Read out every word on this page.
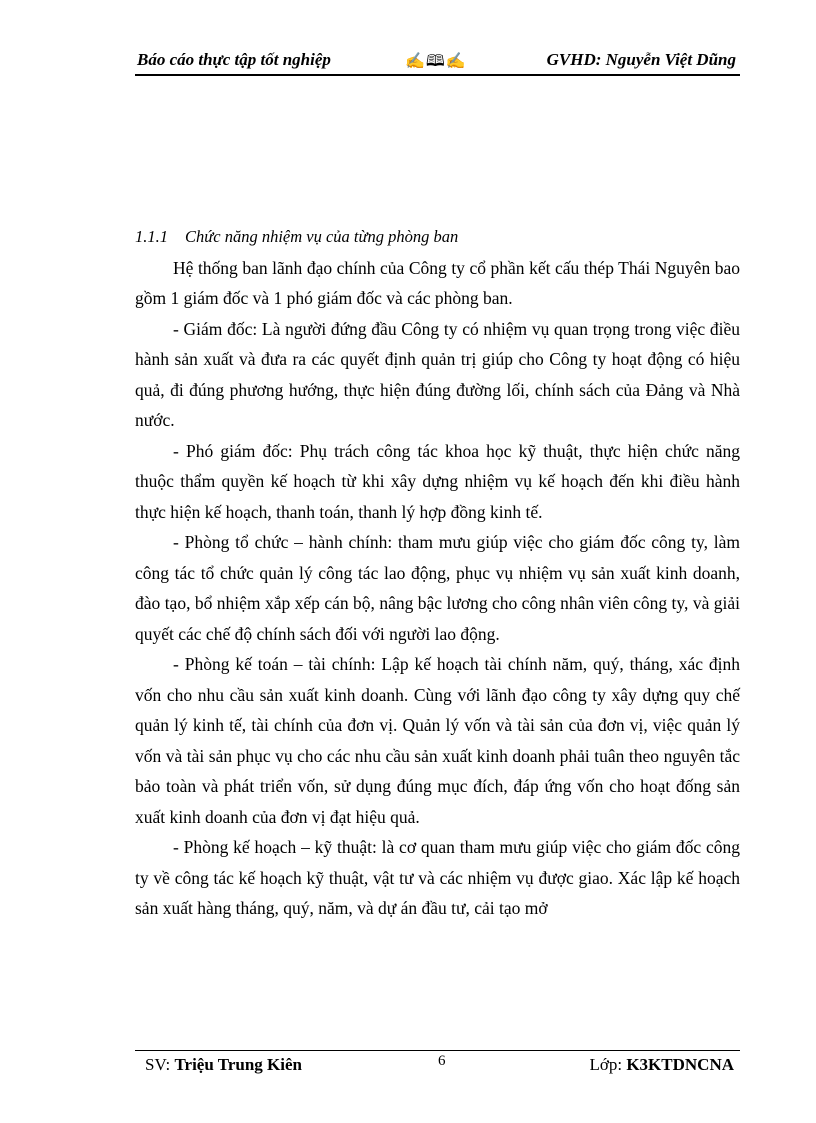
Báo cáo thực tập tốt nghiệp	✍🕮✍	GVHD: Nguyễn Việt Dũng

1.1.1 Chức năng nhiệm vụ của từng phòng ban

Hệ thống ban lãnh đạo chính của Công ty cổ phần kết cấu thép Thái Nguyên bao gồm 1 giám đốc và 1 phó giám đốc và các phòng ban.

- Giám đốc: Là người đứng đầu Công ty có nhiệm vụ quan trọng trong việc điều hành sản xuất và đưa ra các quyết định quản trị giúp cho Công ty hoạt động có hiệu quả, đi đúng phương hướng, thực hiện đúng đường lối, chính sách của Đảng và Nhà nước.

- Phó giám đốc: Phụ trách công tác khoa học kỹ thuật, thực hiện chức năng thuộc thẩm quyền kế hoạch từ khi xây dựng nhiệm vụ kế hoạch đến khi điều hành thực hiện kế hoạch, thanh toán, thanh lý hợp đồng kinh tế.

- Phòng tổ chức – hành chính: tham mưu giúp việc cho giám đốc công ty, làm công tác tổ chức quản lý công tác lao động, phục vụ nhiệm vụ sản xuất kinh doanh, đào tạo, bổ nhiệm xắp xếp cán bộ, nâng bậc lương cho công nhân viên công ty, và giải quyết các chế độ chính sách đối với người lao động.

- Phòng kế toán – tài chính: Lập kế hoạch tài chính năm, quý, tháng, xác định vốn cho nhu cầu sản xuất kinh doanh. Cùng với lãnh đạo công ty xây dựng quy chế quản lý kinh tế, tài chính của đơn vị. Quản lý vốn và tài sản của đơn vị, việc quản lý vốn và tài sản phục vụ cho các nhu cầu sản xuất kinh doanh phải tuân theo nguyên tắc bảo toàn và phát triển vốn, sử dụng đúng mục đích, đáp ứng vốn cho hoạt đống sản xuất kinh doanh của đơn vị đạt hiệu quả.

- Phòng kế hoạch – kỹ thuật: là cơ quan tham mưu giúp việc cho giám đốc công ty về công tác kế hoạch kỹ thuật, vật tư và các nhiệm vụ được giao. Xác lập kế hoạch sản xuất hàng tháng, quý, năm, và dự án đầu tư, cải tạo mở

SV: Triệu Trung Kiên	6	Lớp: K3KTDNCNA
